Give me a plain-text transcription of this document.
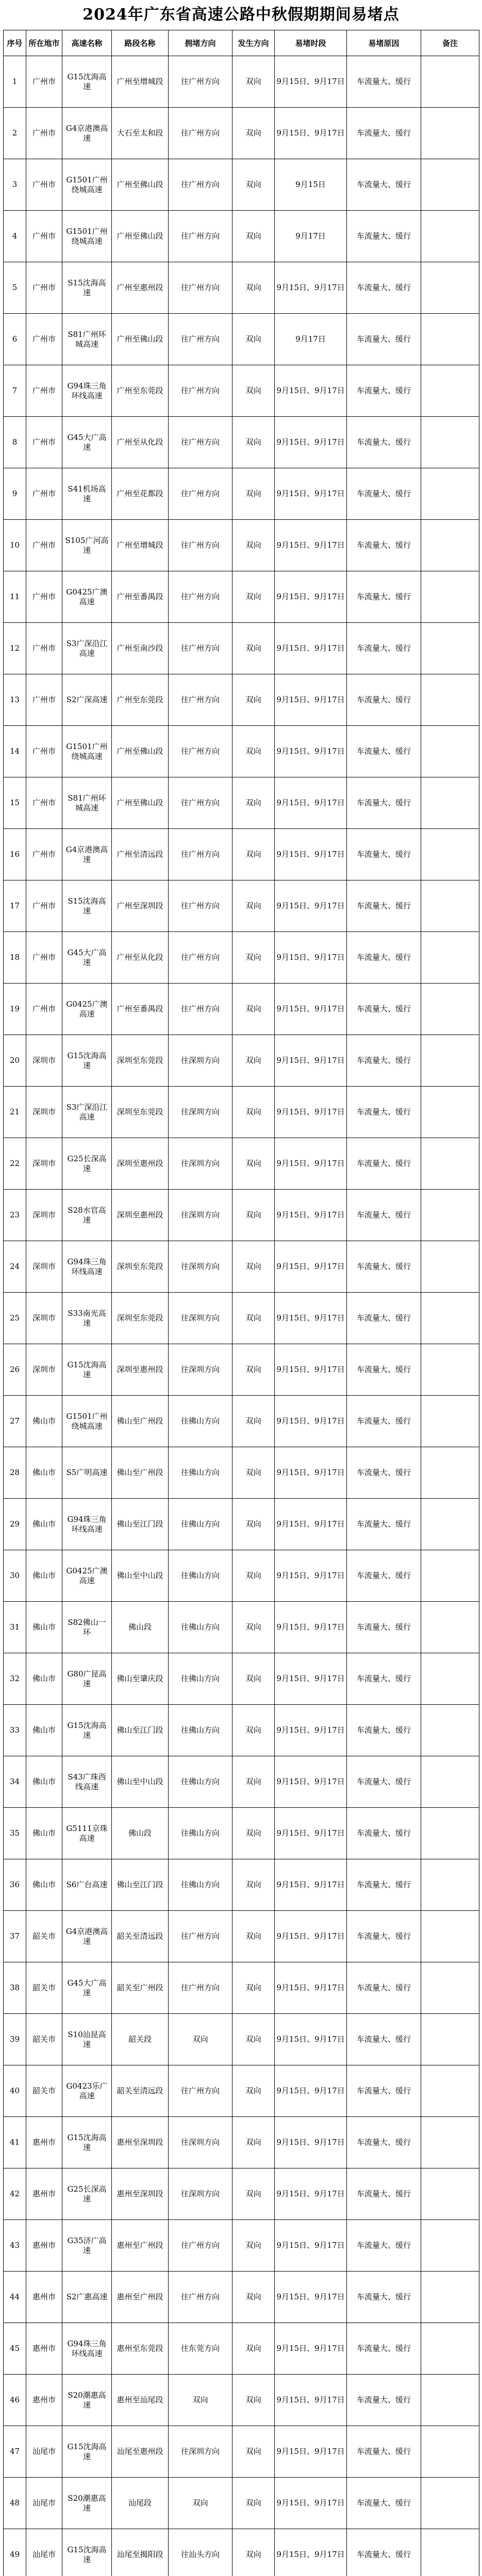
2024年广东省高速公路中秋假期期间易堵点
序号	所在地市	高速名称	路段名称	拥堵方向	发生方向	易堵时段	易堵原因	备注
1	广州市	G15沈海高速	广州至增城段	往广州方向	双向	9月15日、9月17日	车流量大、缓行	
2	广州市	G4京港澳高速	大石至太和段	往广州方向	双向	9月15日、9月17日	车流量大、缓行	
3	广州市	G1501广州绕城高速	广州至佛山段	往广州方向	双向	9月15日	车流量大、缓行	
4	广州市	G1501广州绕城高速	广州至佛山段	往广州方向	双向	9月17日	车流量大、缓行	
5	广州市	S15沈海高速	广州至惠州段	往广州方向	双向	9月15日、9月17日	车流量大、缓行	
6	广州市	S81广州环城高速	广州至佛山段	往广州方向	双向	9月17日	车流量大、缓行	
7	广州市	G94珠三角环线高速	广州至东莞段	往广州方向	双向	9月15日、9月17日	车流量大、缓行	
8	广州市	G45大广高速	广州至从化段	往广州方向	双向	9月15日、9月17日	车流量大、缓行	
9	广州市	S41机场高速	广州至花都段	往广州方向	双向	9月15日、9月17日	车流量大、缓行	
10	广州市	S105广河高速	广州至增城段	往广州方向	双向	9月15日、9月17日	车流量大、缓行	
11	广州市	G0425广澳高速	广州至番禺段	往广州方向	双向	9月15日、9月17日	车流量大、缓行	
12	广州市	S3广深沿江高速	广州至南沙段	往广州方向	双向	9月15日、9月17日	车流量大、缓行	
13	广州市	S2广深高速	广州至东莞段	往广州方向	双向	9月15日、9月17日	车流量大、缓行	
14	广州市	G1501广州绕城高速	广州至佛山段	往广州方向	双向	9月15日、9月17日	车流量大、缓行	
15	广州市	S81广州环城高速	广州至佛山段	往广州方向	双向	9月15日、9月17日	车流量大、缓行	
16	广州市	G4京港澳高速	广州至清远段	往广州方向	双向	9月15日、9月17日	车流量大、缓行	
17	广州市	S15沈海高速	广州至深圳段	往广州方向	双向	9月15日、9月17日	车流量大、缓行	
18	广州市	G45大广高速	广州至从化段	往广州方向	双向	9月15日、9月17日	车流量大、缓行	
19	广州市	G0425广澳高速	广州至番禺段	往广州方向	双向	9月15日、9月17日	车流量大、缓行	
20	深圳市	G15沈海高速	深圳至东莞段	往深圳方向	双向	9月15日、9月17日	车流量大、缓行	
21	深圳市	S3广深沿江高速	深圳至东莞段	往深圳方向	双向	9月15日、9月17日	车流量大、缓行	
22	深圳市	G25长深高速	深圳至惠州段	往深圳方向	双向	9月15日、9月17日	车流量大、缓行	
23	深圳市	S28水官高速	深圳至惠州段	往深圳方向	双向	9月15日、9月17日	车流量大、缓行	
24	深圳市	G94珠三角环线高速	深圳至东莞段	往深圳方向	双向	9月15日、9月17日	车流量大、缓行	
25	深圳市	S33南光高速	深圳至东莞段	往深圳方向	双向	9月15日、9月17日	车流量大、缓行	
26	深圳市	G15沈海高速	深圳至惠州段	往深圳方向	双向	9月15日、9月17日	车流量大、缓行	
27	佛山市	G1501广州绕城高速	佛山至广州段	往佛山方向	双向	9月15日、9月17日	车流量大、缓行	
28	佛山市	S5广明高速	佛山至广州段	往佛山方向	双向	9月15日、9月17日	车流量大、缓行	
29	佛山市	G94珠三角环线高速	佛山至江门段	往佛山方向	双向	9月15日、9月17日	车流量大、缓行	
30	佛山市	G0425广澳高速	佛山至中山段	往佛山方向	双向	9月15日、9月17日	车流量大、缓行	
31	佛山市	S82佛山一环	佛山段	往佛山方向	双向	9月15日、9月17日	车流量大、缓行	
32	佛山市	G80广昆高速	佛山至肇庆段	往佛山方向	双向	9月15日、9月17日	车流量大、缓行	
33	佛山市	G15沈海高速	佛山至江门段	往佛山方向	双向	9月15日、9月17日	车流量大、缓行	
34	佛山市	S43广珠西线高速	佛山至中山段	往佛山方向	双向	9月15日、9月17日	车流量大、缓行	
35	佛山市	G5111京珠高速	佛山段	往佛山方向	双向	9月15日、9月17日	车流量大、缓行	
36	佛山市	S6广台高速	佛山至江门段	往佛山方向	双向	9月15日、9月17日	车流量大、缓行	
37	韶关市	G4京港澳高速	韶关至清远段	往广州方向	双向	9月15日、9月17日	车流量大、缓行	
38	韶关市	G45大广高速	韶关至广州段	往广州方向	双向	9月15日、9月17日	车流量大、缓行	
39	韶关市	S10汕昆高速	韶关段	双向	双向	9月15日、9月17日	车流量大、缓行	
40	韶关市	G0423乐广高速	韶关至清远段	往广州方向	双向	9月15日、9月17日	车流量大、缓行	
41	惠州市	G15沈海高速	惠州至深圳段	往深圳方向	双向	9月15日、9月17日	车流量大、缓行	
42	惠州市	G25长深高速	惠州至深圳段	往深圳方向	双向	9月15日、9月17日	车流量大、缓行	
43	惠州市	G35济广高速	惠州至广州段	往广州方向	双向	9月15日、9月17日	车流量大、缓行	
44	惠州市	S2广惠高速	惠州至广州段	往广州方向	双向	9月15日、9月17日	车流量大、缓行	
45	惠州市	G94珠三角环线高速	惠州至东莞段	往东莞方向	双向	9月15日、9月17日	车流量大、缓行	
46	惠州市	S20潮惠高速	惠州至汕尾段	双向	双向	9月15日、9月17日	车流量大、缓行	
47	汕尾市	G15沈海高速	汕尾至惠州段	往深圳方向	双向	9月15日、9月17日	车流量大、缓行	
48	汕尾市	S20潮惠高速	汕尾段	双向	双向	9月15日、9月17日	车流量大、缓行	
49	汕尾市	G15沈海高速	汕尾至揭阳段	往汕头方向	双向	9月15日、9月17日	车流量大、缓行	
